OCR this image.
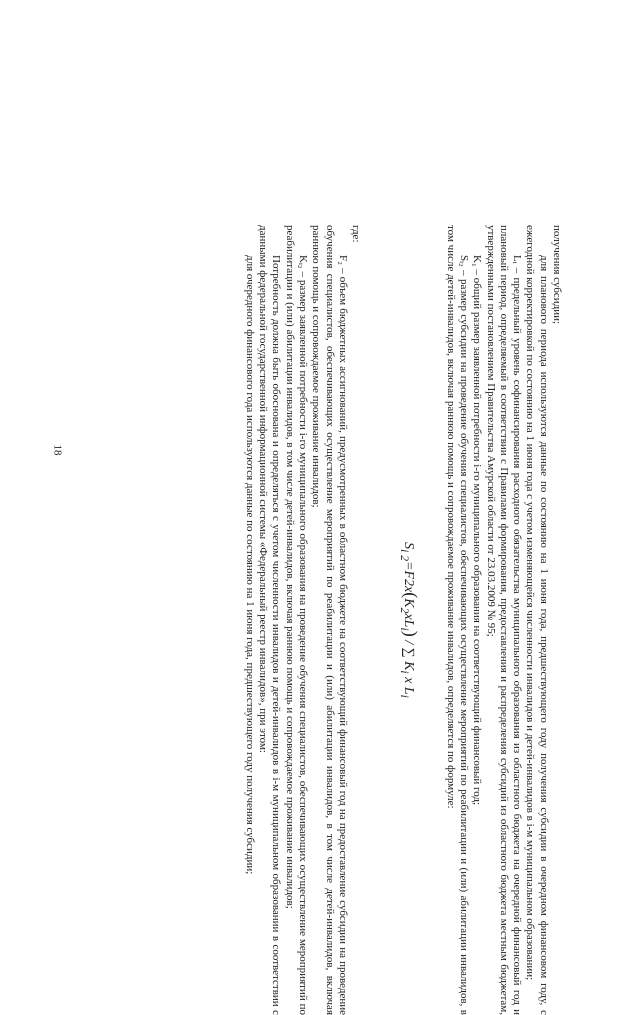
18

получения субсидии;

для планового периода используются данные по состоянию на 1 июня года, предшествующего году получения субсидии в очередном финансовом году, с ежегодной корректировкой по состоянию на 1 июня года с учетом изменяющейся численности инвалидов и детей-инвалидов в i-м муниципальном образовании;

Lᵢ – предельный уровень софинансирования расходного обязательства муниципального образования из областного бюджета на очередной финансовый год и плановый период, определяемый в соответствии с Правилами формирования, предоставления и распределения субсидий из областного бюджета местным бюджетам, утвержденными постановлением Правительства Амурской области от 23.03.2009 № 95;

K₁ – общий размер заявленной потребности i-го муниципального образования на соответствующий финансовый год;

Sᵢ₂ – размер субсидии на проведение обучения специалистов, обеспечивающих осуществление мероприятий по реабилитации и (или) абилитации инвалидов, в том числе детей-инвалидов, включая раннюю помощь и сопровождаемое проживание инвалидов, определяется по формуле:

$S_{i 2}=F2x(K_2xL_i)$ / ∑ $K_i$ x $L_i$

где:

F₂ – объем бюджетных ассигнований, предусмотренных в областном бюджете на соответствующий финансовый год на предоставление субсидии на проведение обучения специалистов, обеспечивающих осуществление мероприятий по реабилитации и (или) абилитации инвалидов, в том числе детей-инвалидов, включая раннюю помощь и сопровождаемое проживание инвалидов;

Kᵢ₂ – размер заявленной потребности i-го муниципального образования на проведение обучения специалистов, обеспечивающих осуществление мероприятий по реабилитации и (или) абилитации инвалидов, в том числе детей-инвалидов, включая раннюю помощь и сопровождаемое проживание инвалидов;

Потребность должна быть обоснована и определяться с учетом численности инвалидов и детей-инвалидов в i-м муниципальном образовании в соответствии с данными федеральной государственной информационной системы «Федеральный реестр инвалидов», при этом:

для очередного финансового года используются данные по состоянию на 1 июня года, предшествующего году получения субсидии;
